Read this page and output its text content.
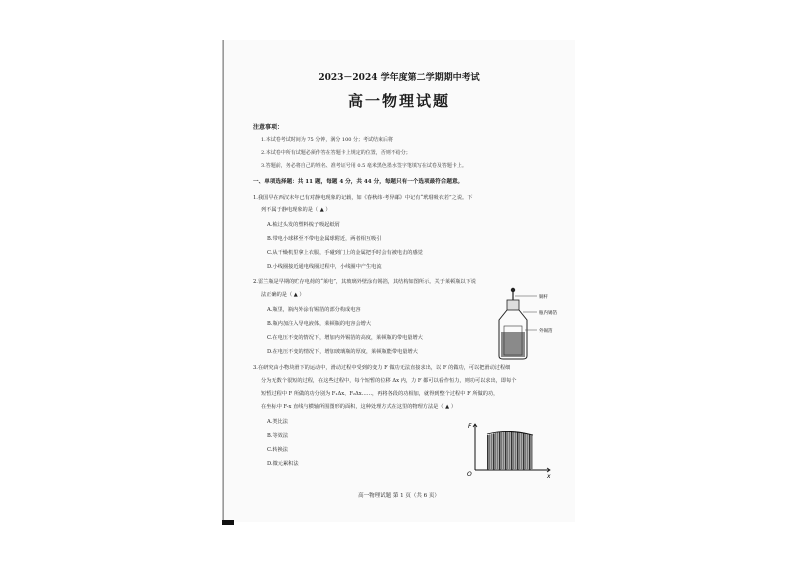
2023－2024 学年度第二学期期中考试
高一物理试题
注意事项：
1.本试卷考试时间为 75 分钟，满分 100 分；考试结束后将
2.本试卷中所有试题必须作答在答题卡上规定的位置，否则不给分；
3.答题前，务必将自己的姓名、准考证号用 0.5 毫米黑色墨水签字笔填写在试卷及答题卡上。
一、单项选择题：共 11 题，每题 4 分，共 44 分，每题只有一个选项最符合题意。
1.我国早在西汉末年已有对静电现象的记载，如《春秋纬·考异邮》中记有“玳瑁吸衣若”之说。下
列不属于静电现象的是（ ▲ ）
A.梳过头发的塑料梳子吸起纸屑
B.带电小球移至不带电金属球附近，两者相互吸引
C.从干燥机里拿上衣服，手碰到门上的金属把手时会有被电击的感觉
D.小线圈接近通电线圈过程中，小线圈中产生电流
2.雷兰瓶是早期的贮存电荷的“莱电”，其玻璃外壁涂有锡箔，其结构如图所示。关于莱顿瓶以下说
法正确的是（ ▲ ）
A.瓶里，瓶内外涂有锡箔的部分构成电容
B.瓶内加注入导电液体，莱顿瓶的电容会增大
C.在电压不变的情况下，增加内外锡箔的高度，莱顿瓶的带电量增大
D.在电压不变的情况下，增加玻璃瓶的厚度，莱顿瓶能带电量增大
铜杆
瓶内锡箔
外锡箔
3.在研究由小物块滑下的运动中，滑动过程中受到的变力 F 做功无法直接求出，以 F 的做功，可以把滑动过程细
分为无数个很短的过程，在这些过程中，每个短暂的位移 Δx 内，力 F 都可以看作恒力，则功可以求出，即每个
短暂过程中 F 所做的功分别为 F₁Δx、F₂Δx……，再将各段的功相加，就得到整个过程中 F 所做的功，
在坐标中 F-x 直线与横轴所围图形的面积，这种处理方式在这里的物理方法是（ ▲ ）
A.类比法
B.等效法
C.转换法
D.微元累积法
F
x
O
高一物理试题 第 1 页（共 6 页）
